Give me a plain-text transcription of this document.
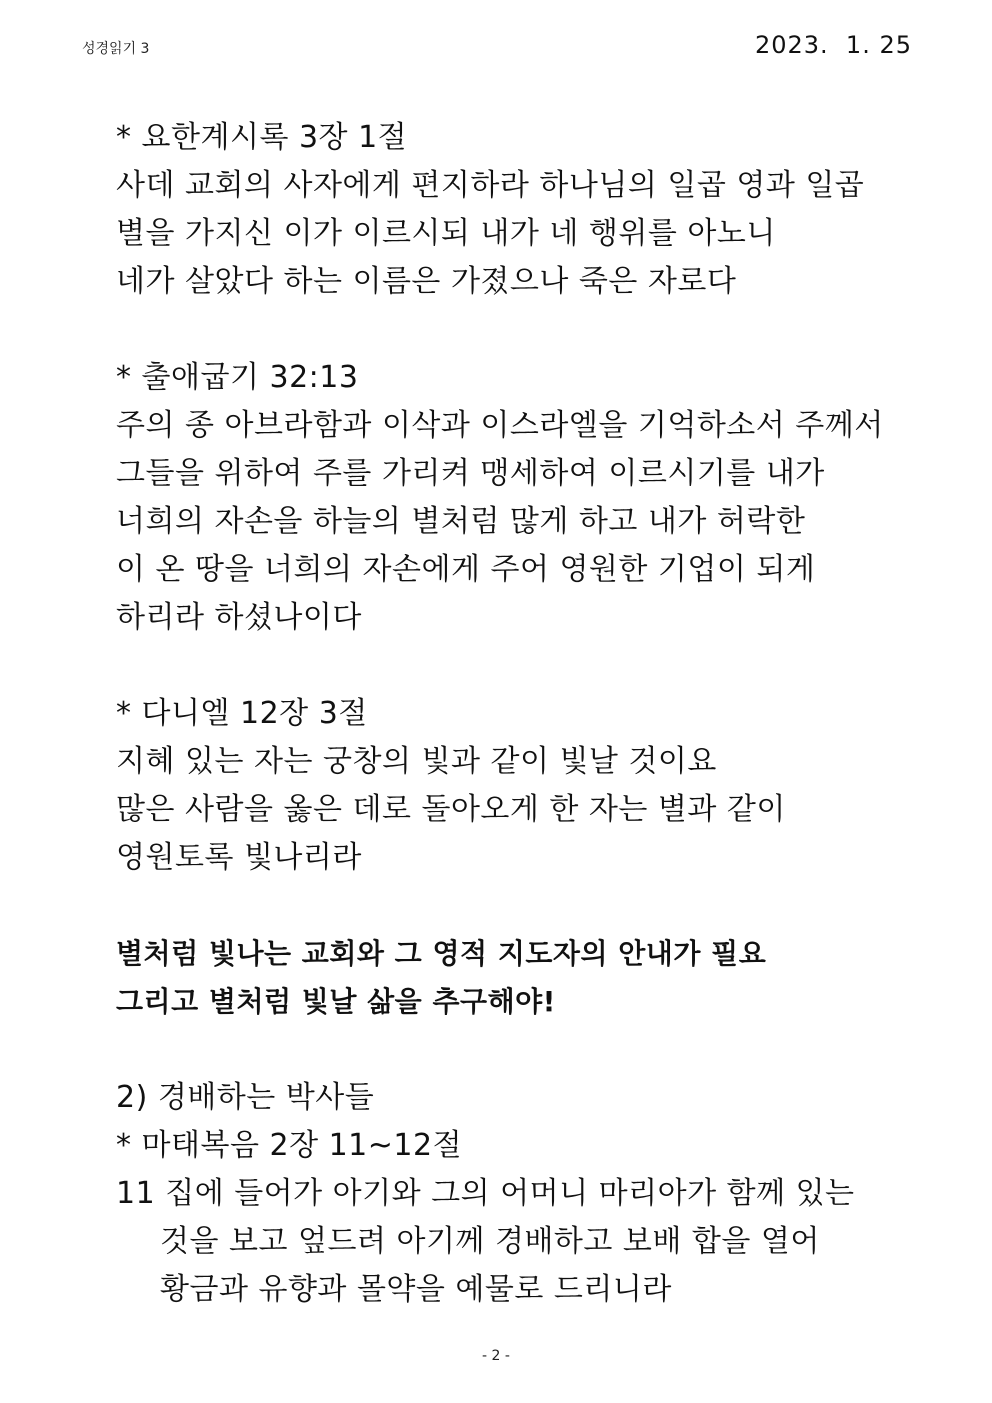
성경읽기 3	2023.  1. 25
* 요한계시록 3장 1절
사데 교회의 사자에게 편지하라 하나님의 일곱 영과 일곱
별을 가지신 이가 이르시되 내가 네 행위를 아노니
네가 살았다 하는 이름은 가졌으나 죽은 자로다
* 출애굽기 32:13
주의 종 아브라함과 이삭과 이스라엘을 기억하소서 주께서
그들을 위하여 주를 가리켜 맹세하여 이르시기를 내가
너희의 자손을 하늘의 별처럼 많게 하고 내가 허락한
이 온 땅을 너희의 자손에게 주어 영원한 기업이 되게
하리라 하셨나이다
* 다니엘 12장 3절
지혜 있는 자는 궁창의 빛과 같이 빛날 것이요
많은 사람을 옳은 데로 돌아오게 한 자는 별과 같이
영원토록 빛나리라
별처럼 빛나는 교회와 그 영적 지도자의 안내가 필요
그리고 별처럼 빛날 삶을 추구해야!
2) 경배하는 박사들
* 마태복음 2장 11~12절
11 집에 들어가 아기와 그의 어머니 마리아가 함께 있는
것을 보고 엎드려 아기께 경배하고 보배 합을 열어
황금과 유향과 몰약을 예물로 드리니라
- 2 -
